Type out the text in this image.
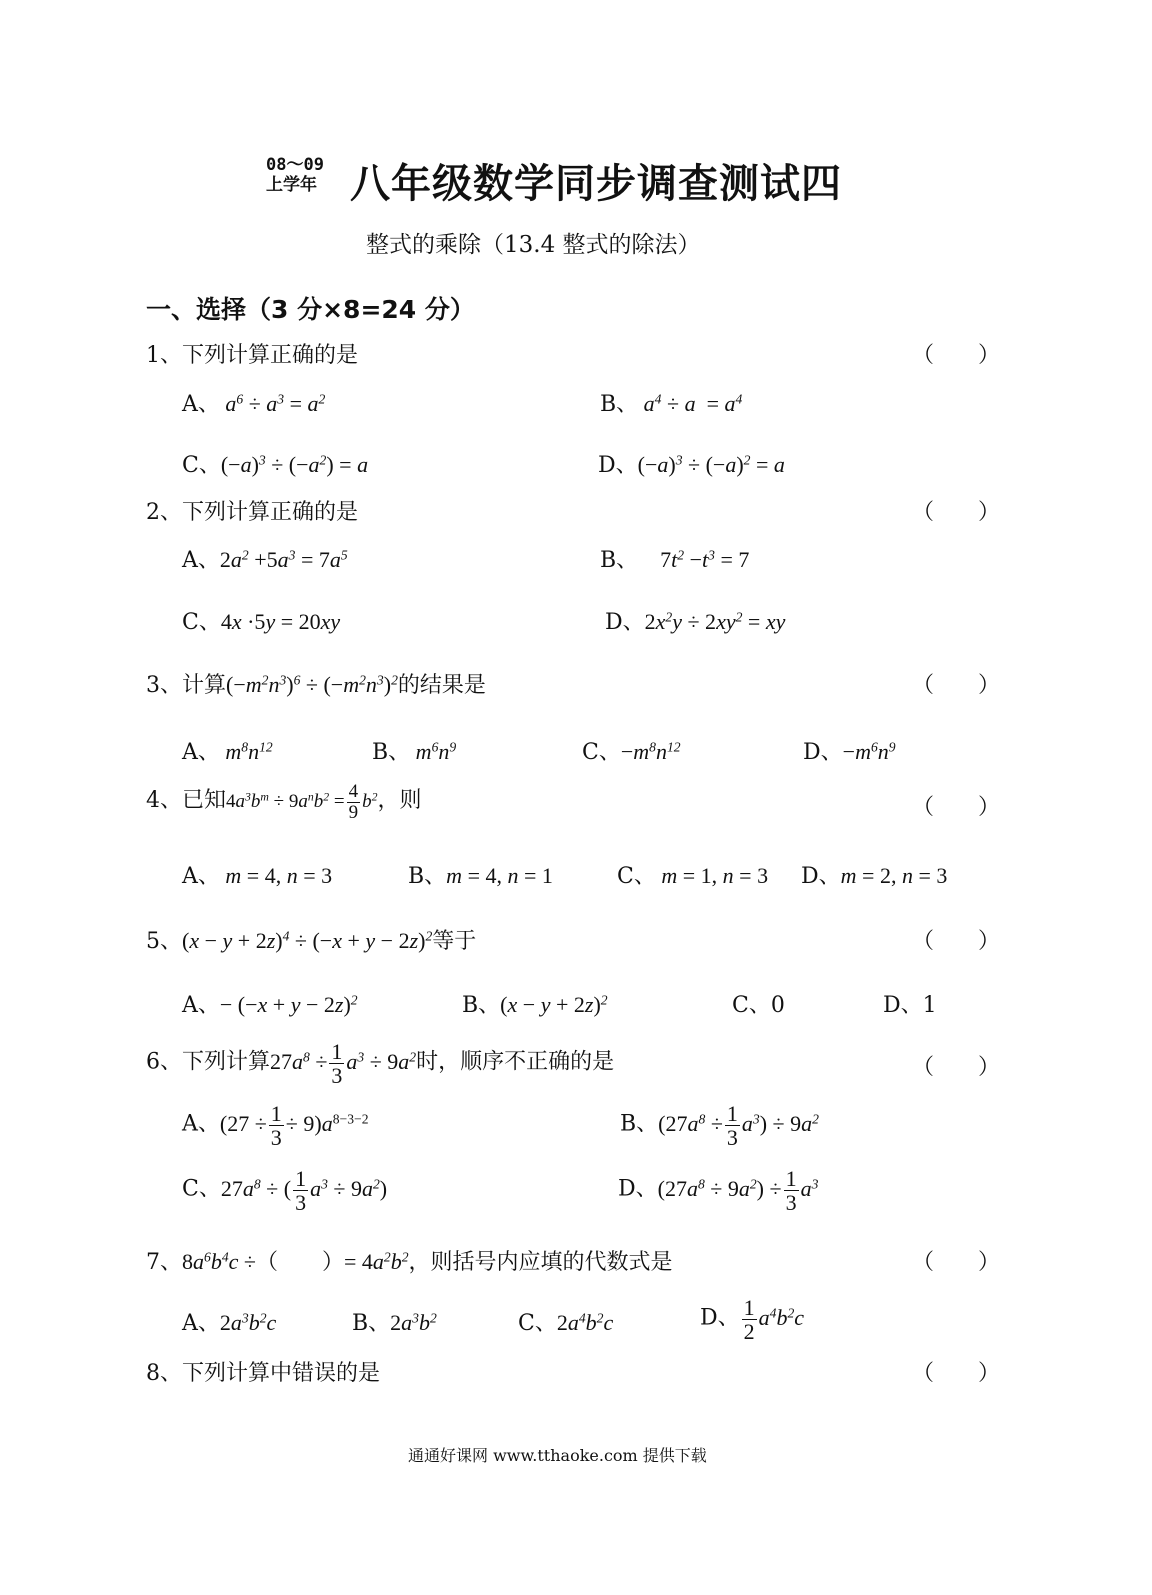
08～09
上学年 八年级数学同步调查测试四
整式的乘除（13.4 整式的除法）
一、选择（3 分×8=24 分）
1、下列计算正确的是	（　　）
A、 $a^6 \div a^3 = a^2$	B、 $a^4 \div a = a^4$
C、$(-a)^3 \div (-a^2) = a$	D、$(-a)^3 \div (-a)^2 = a$
2、下列计算正确的是	（　　）
A、$2a^2 +5a^3 = 7a^5$	B、 $7t^2 -t^3 = 7$
C、4x ·5y = 20xy	D、$2x^2y \div 2xy^2$ = xy
3、计算$(-m^2n^3)^6 \div (-m^2n^3)^2$的结果是	（　　）
A、 $m^8n^{12}$	B、 $m^6n^9$	C、$-m^8n^{12}$	D、$-m^6n^9$
4、已知$4a^3b^m \div 9a^nb^2 = \frac{4}{9} b^2$，则	（　　）
A、 m = 4, n = 3	B、m = 4, n = 1	C、 m = 1, n = 3 D、m = 2, n = 3
5、$(x - y + 2z)^4 \div (-x + y - 2z)^2$等于	（　　）
A、− $(-x + y - 2z)^2$	B、$(x - y + 2z)^2$	C、0	D、1
6、下列计算$27a^8 \div \frac{1}{3} a^3 \div 9a^2$时，顺序不正确的是	（　　）
A、$(27 \div \frac{1}{3} \div 9)a^{8-3-2}$	B、$(27a^8 \div \frac{1}{3} a^3) \div 9a^2$
C、$27a^8$ ÷ ( $\frac{1}{3} a^3 \div 9a^2$)	D、$(27a^8 \div 9a^2) \div \frac{1}{3} a^3$
7、$8a^6b^4c$ ÷（　　）= $4a^2b^2$，则括号内应填的代数式是	（　　）
A、$2a^3b^2c$	B、$2a^3b^2$	C、$2a^4b^2c$	D、 $\frac{1}{2} a^4b^2c$
8、下列计算中错误的是	（　　）
通通好课网 www.tthaoke.com 提供下载
